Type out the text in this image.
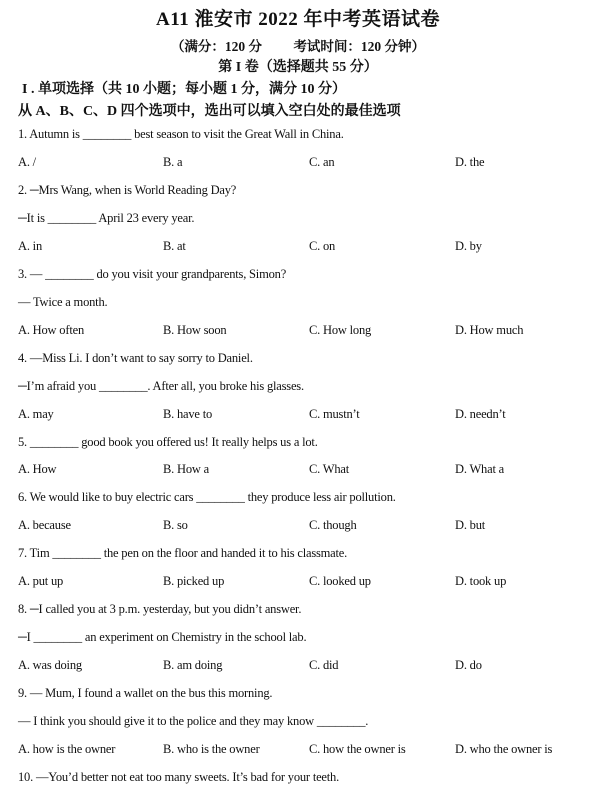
A11 淮安市 2022 年中考英语试卷
（满分：120 分 考试时间：120 分钟）
第 I 卷（选择题共 55 分）
I . 单项选择（共 10 小题；每小题 1 分，满分 10 分）
从 A、B、C、D 四个选项中，选出可以填入空白处的最佳选项
1. Autumn is ________ best season to visit the Great Wall in China.
A. /	B. a	C. an	D. the
2. ─Mrs Wang, when is World Reading Day?
─It is ________ April 23 every year.
A. in	B. at	C. on	D. by
3. — ________ do you visit your grandparents, Simon?
— Twice a month.
A. How often	B. How soon	C. How long	D. How much
4. —Miss Li. I don’t want to say sorry to Daniel.
─I’m afraid you ________. After all, you broke his glasses.
A. may	B. have to	C. mustn’t	D. needn’t
5. ________ good book you offered us! It really helps us a lot.
A. How	B. How a	C. What	D. What a
6. We would like to buy electric cars ________ they produce less air pollution.
A. because	B. so	C. though	D. but
7. Tim ________ the pen on the floor and handed it to his classmate.
A. put up	B. picked up	C. looked up	D. took up
8. ─I called you at 3 p.m. yesterday, but you didn’t answer.
─I ________ an experiment on Chemistry in the school lab.
A. was doing	B. am doing	C. did	D. do
9. — Mum, I found a wallet on the bus this morning.
— I think you should give it to the police and they may know ________.
A. how is the owner	B. who is the owner	C. how the owner is	D. who the owner is
10. —You’d better not eat too many sweets. It’s bad for your teeth.
